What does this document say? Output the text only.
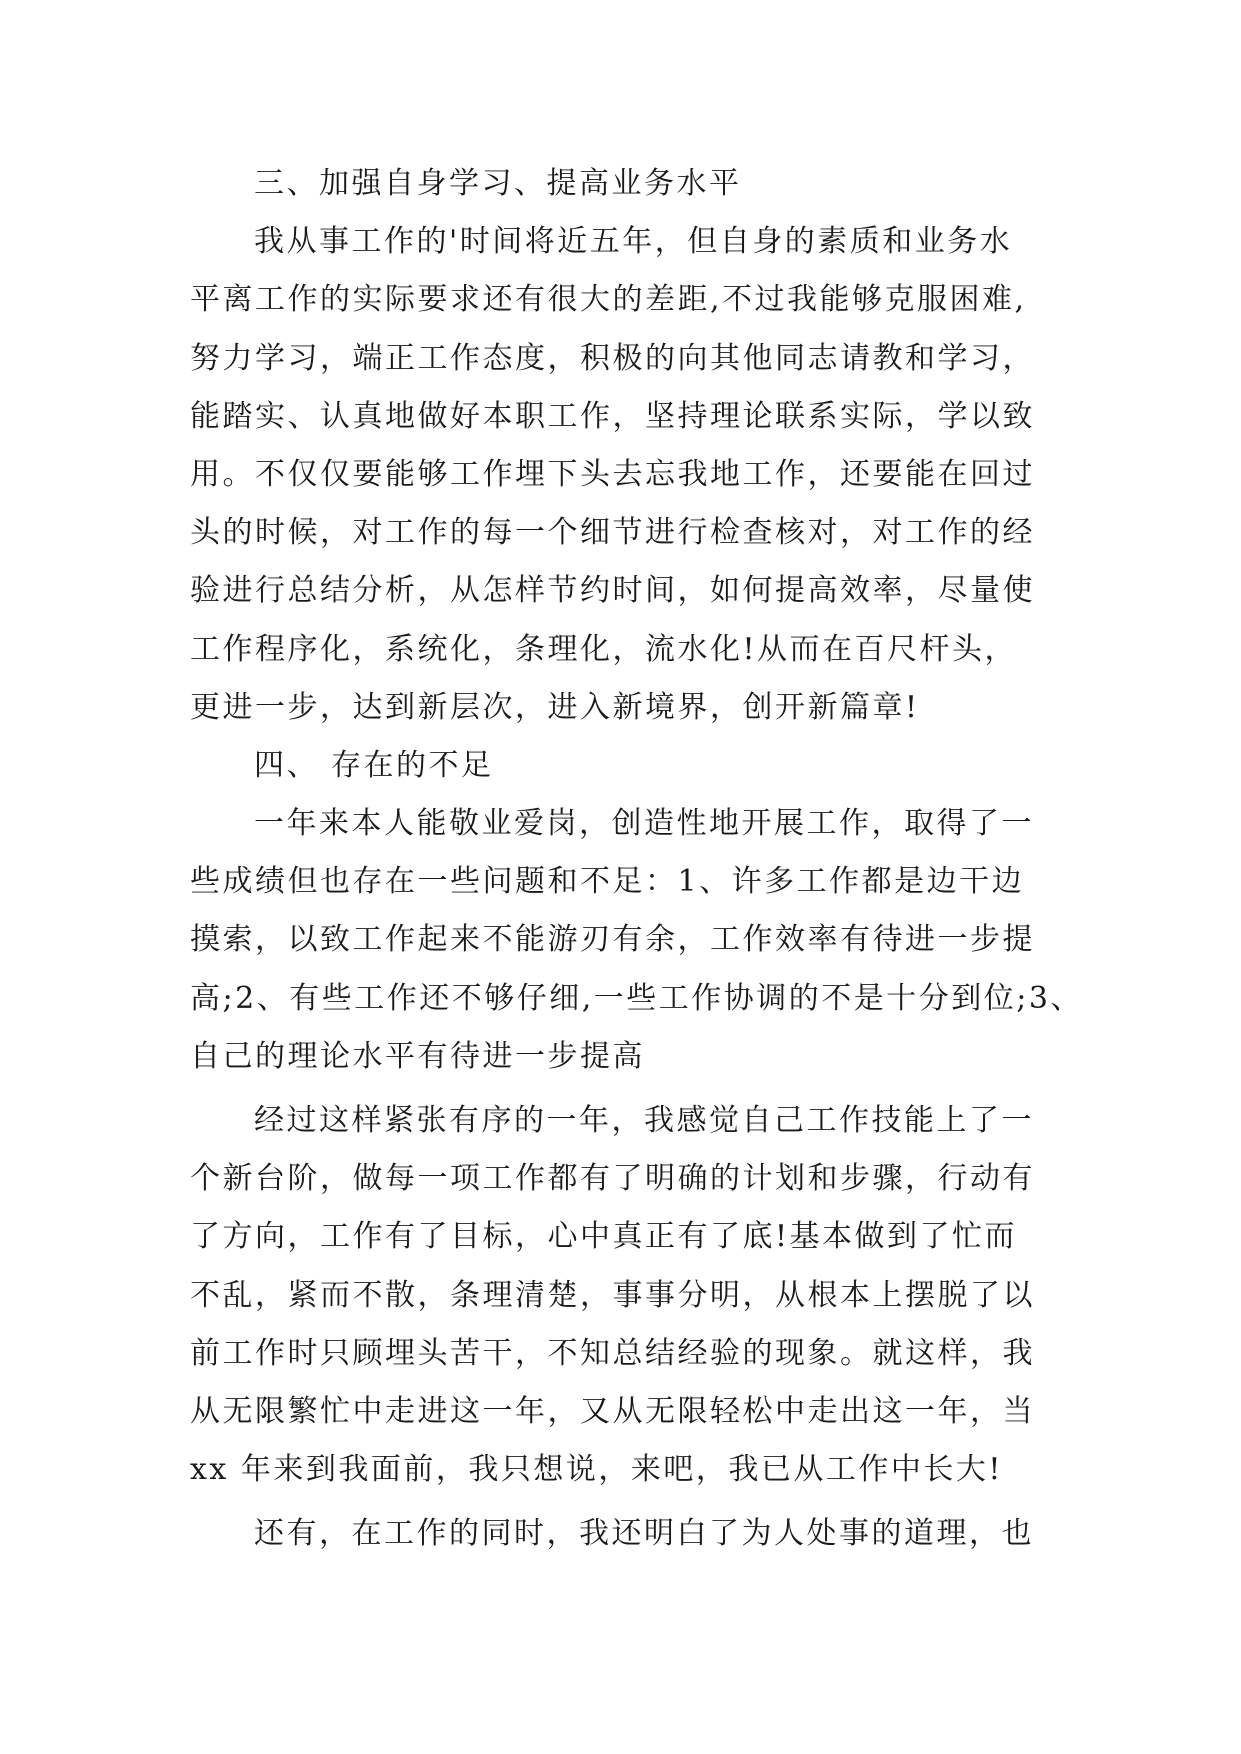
三、加强自身学习、提高业务水平
我从事工作的'时间将近五年，但自身的素质和业务水
平离工作的实际要求还有很大的差距,不过我能够克服困难,
努力学习，端正工作态度，积极的向其他同志请教和学习，
能踏实、认真地做好本职工作，坚持理论联系实际，学以致
用。不仅仅要能够工作埋下头去忘我地工作，还要能在回过
头的时候，对工作的每一个细节进行检查核对，对工作的经
验进行总结分析，从怎样节约时间，如何提高效率，尽量使
工作程序化，系统化，条理化，流水化!从而在百尺杆头，
更进一步，达到新层次，进入新境界，创开新篇章!
四、 存在的不足
一年来本人能敬业爱岗，创造性地开展工作，取得了一
些成绩但也存在一些问题和不足：1、许多工作都是边干边
摸索，以致工作起来不能游刃有余，工作效率有待进一步提
高;2、有些工作还不够仔细,一些工作协调的不是十分到位;3、
自己的理论水平有待进一步提高
经过这样紧张有序的一年，我感觉自己工作技能上了一
个新台阶，做每一项工作都有了明确的计划和步骤，行动有
了方向，工作有了目标，心中真正有了底!基本做到了忙而
不乱，紧而不散，条理清楚，事事分明，从根本上摆脱了以
前工作时只顾埋头苦干，不知总结经验的现象。就这样，我
从无限繁忙中走进这一年，又从无限轻松中走出这一年，当
xx 年来到我面前，我只想说，来吧，我已从工作中长大!
还有，在工作的同时，我还明白了为人处事的道理，也
